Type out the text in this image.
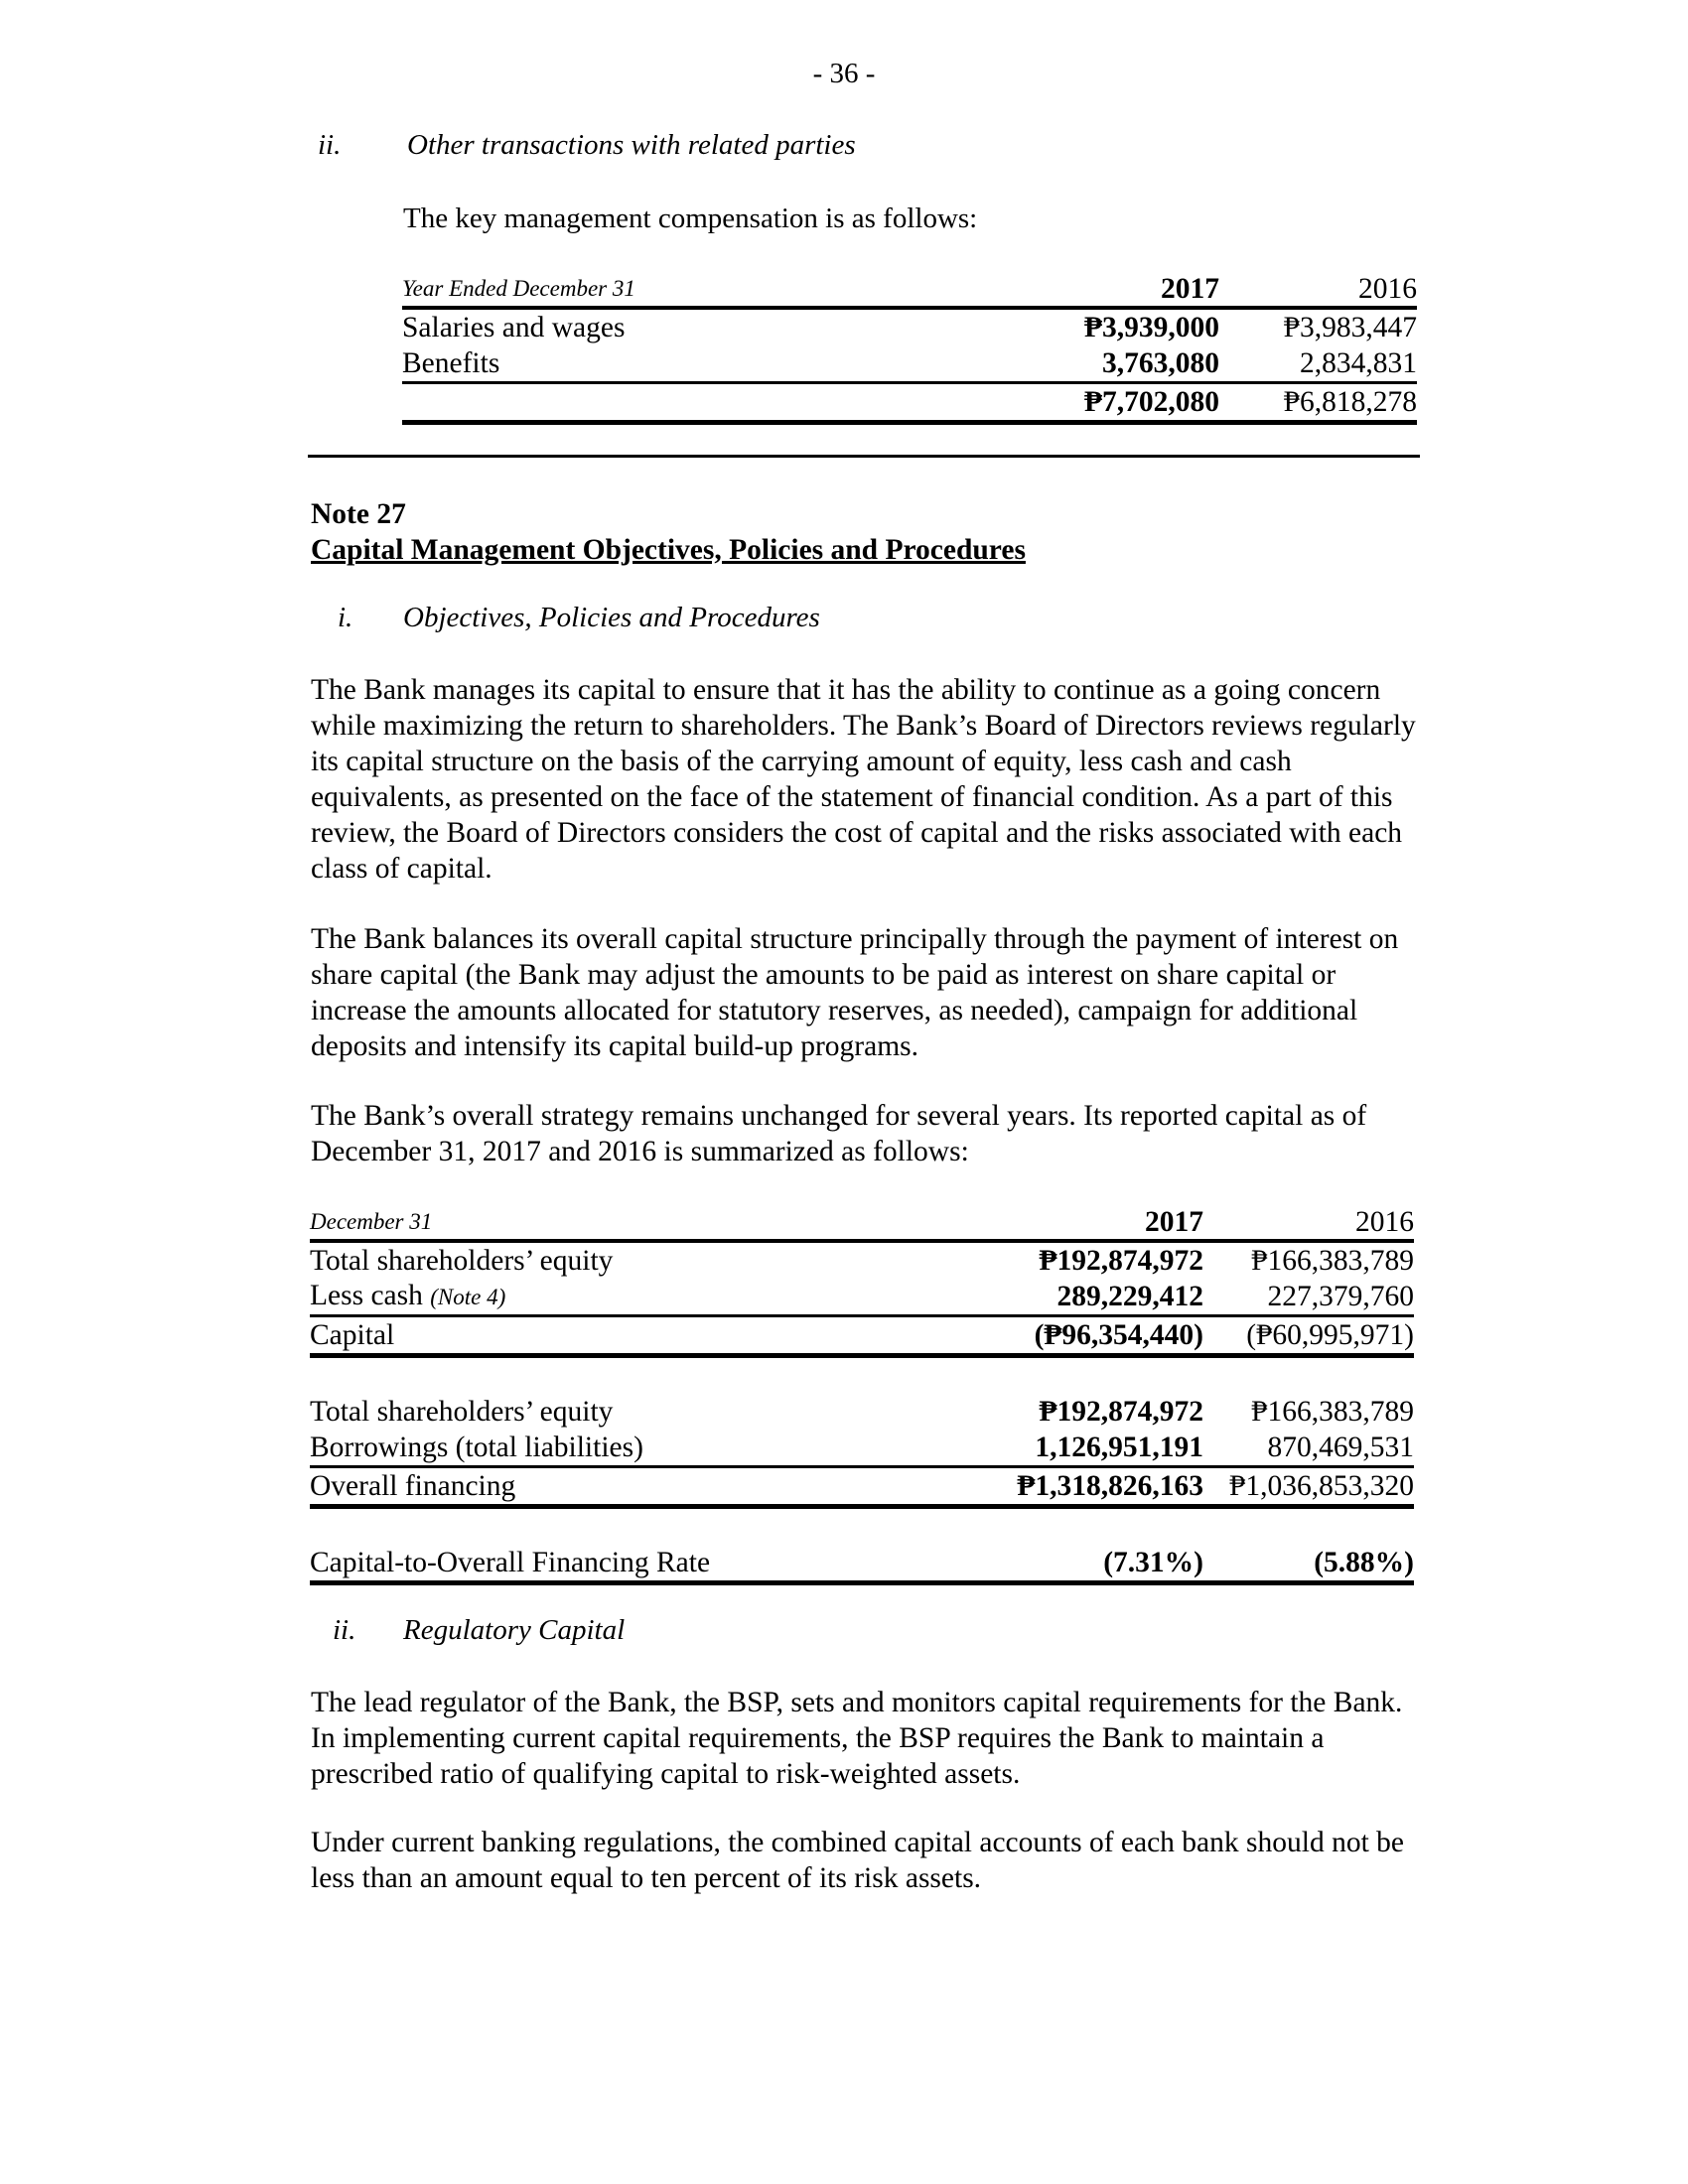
- 36 -
ii. Other transactions with related parties
The key management compensation is as follows:
Year Ended December 31	2017	2016
Salaries and wages	₱3,939,000	₱3,983,447
Benefits	3,763,080	2,834,831
	₱7,702,080	₱6,818,278
Note 27
Capital Management Objectives, Policies and Procedures
i. Objectives, Policies and Procedures
The Bank manages its capital to ensure that it has the ability to continue as a going concern while maximizing the return to shareholders. The Bank’s Board of Directors reviews regularly its capital structure on the basis of the carrying amount of equity, less cash and cash equivalents, as presented on the face of the statement of financial condition. As a part of this review, the Board of Directors considers the cost of capital and the risks associated with each class of capital.
The Bank balances its overall capital structure principally through the payment of interest on share capital (the Bank may adjust the amounts to be paid as interest on share capital or increase the amounts allocated for statutory reserves, as needed), campaign for additional deposits and intensify its capital build-up programs.
The Bank’s overall strategy remains unchanged for several years. Its reported capital as of December 31, 2017 and 2016 is summarized as follows:
December 31	2017	2016
Total shareholders’ equity	₱192,874,972	₱166,383,789
Less cash (Note 4)	289,229,412	227,379,760
Capital	(₱96,354,440)	(₱60,995,971)

Total shareholders’ equity	₱192,874,972	₱166,383,789
Borrowings (total liabilities)	1,126,951,191	870,469,531
Overall financing	₱1,318,826,163	₱1,036,853,320

Capital-to-Overall Financing Rate	(7.31%)	(5.88%)
ii. Regulatory Capital
The lead regulator of the Bank, the BSP, sets and monitors capital requirements for the Bank. In implementing current capital requirements, the BSP requires the Bank to maintain a prescribed ratio of qualifying capital to risk-weighted assets.
Under current banking regulations, the combined capital accounts of each bank should not be less than an amount equal to ten percent of its risk assets.
